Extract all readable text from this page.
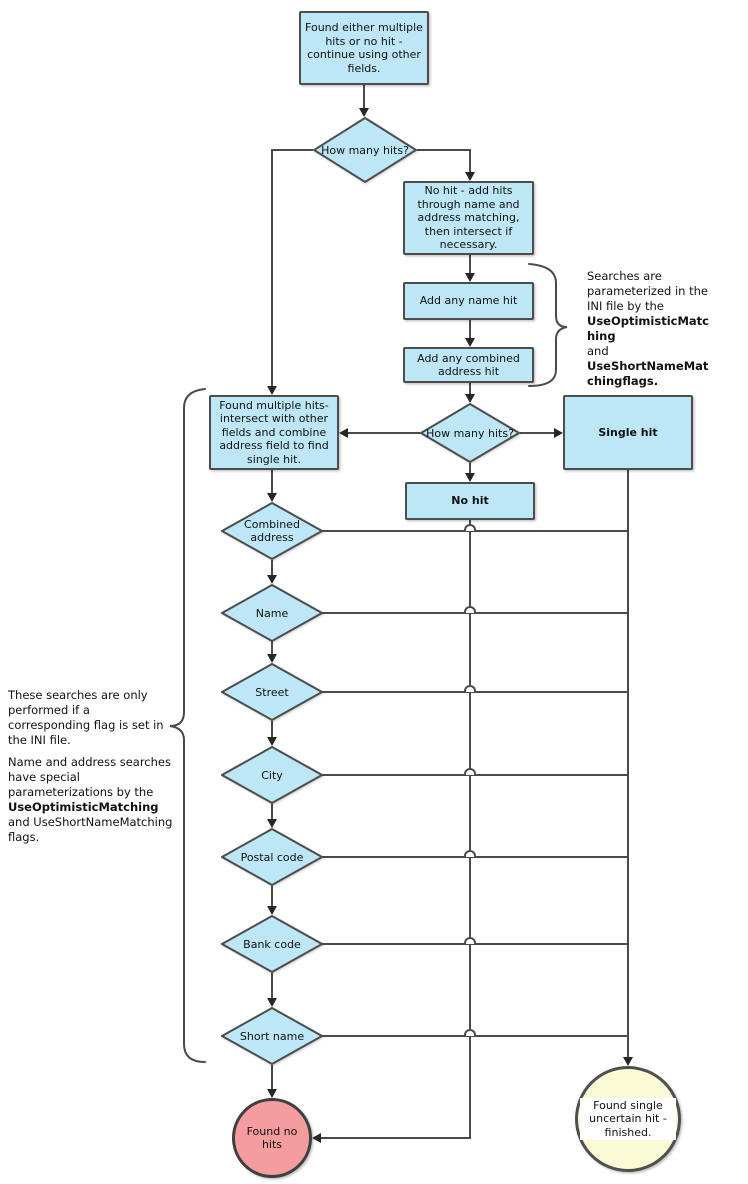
Found either multiple hits or no hit - continue using other fields.
How many hits?
No hit - add hits through name and address matching, then intersect if necessary.
Add any name hit
Add any combined address hit
How many hits?	Single hit
No hit
Found multiple hits- intersect with other fields and combine address field to find single hit.
Combined address
Name
Street
City
Postal code
Bank code
Short name
Found no hits
Found single uncertain hit - finished.
Searches are
parameterized in the
INI file by the
UseOptimisticMatc
hing
and
UseShortNameMat
chingflags.
These searches are only
performed if a
corresponding flag is set in
the INI file.
Name and address searches
have special
parameterizations by the
UseOptimisticMatching
and UseShortNameMatching
flags.
